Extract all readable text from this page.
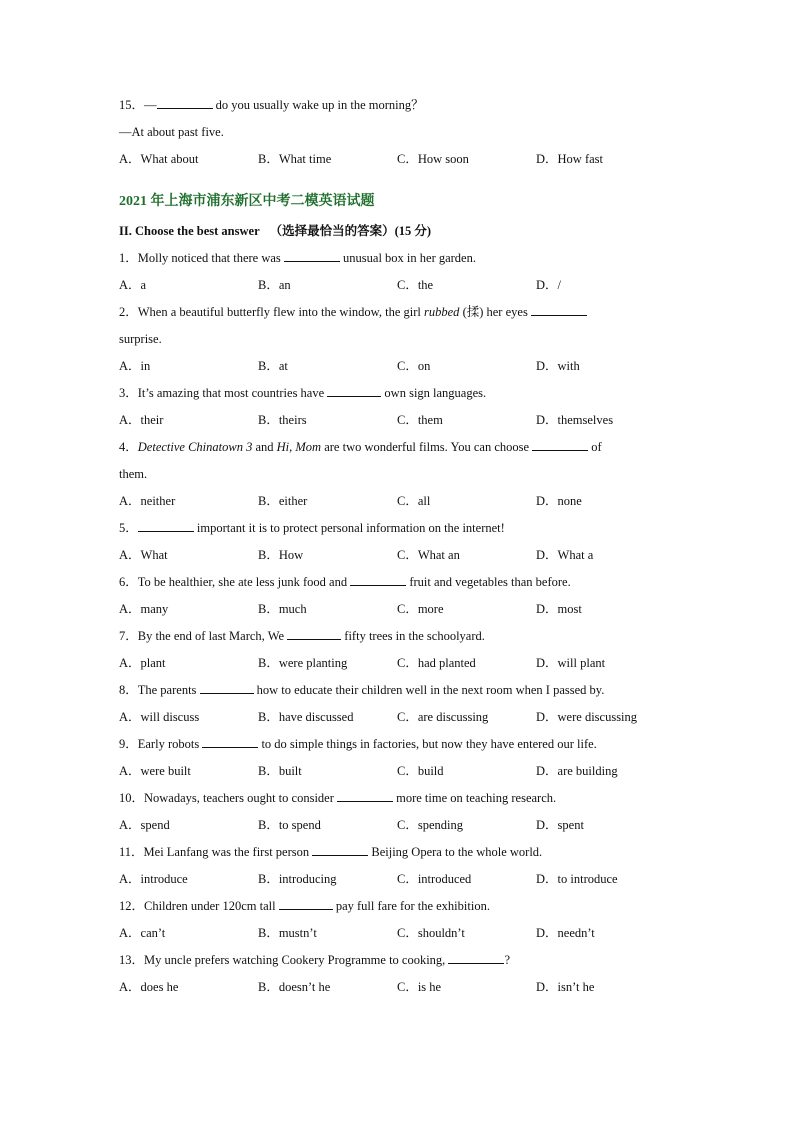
15．—	do you usually wake up in the morning？
—At about past five.
A．What about	B．What time	C．How soon	D．How fast
2021 年上海市浦东新区中考二模英语试题
II. Choose the best answer （选择最恰当的答案）(15 分)
1．Molly noticed that there was	unusual box in her garden.
A．a	B．an	C．the	D．/
2．When a beautiful butterfly flew into the window, the girl rubbed (揉) her eyes
surprise.
A．in	B．at	C．on	D．with
3．It’s amazing that most countries have	own sign languages.
A．their	B．theirs	C．them	D．themselves
4．Detective Chinatown 3 and Hi, Mom are two wonderful films. You can choose	of
them.
A．neither	B．either	C．all	D．none
5．	important it is to protect personal information on the internet!
A．What	B．How	C．What an	D．What a
6．To be healthier, she ate less junk food and	fruit and vegetables than before.
A．many	B．much	C．more	D．most
7．By the end of last March, We	fifty trees in the schoolyard.
A．plant	B．were planting	C．had planted	D．will plant
8．The parents	how to educate their children well in the next room when I passed by.
A．will discuss	B．have discussed	C．are discussing	D．were discussing
9．Early robots	to do simple things in factories, but now they have entered our life.
A．were built	B．built	C．build	D．are building
10．Nowadays, teachers ought to consider	more time on teaching research.
A．spend	B．to spend	C．spending	D．spent
11．Mei Lanfang was the first person	Beijing Opera to the whole world.
A．introduce	B．introducing	C．introduced	D．to introduce
12．Children under 120cm tall	pay full fare for the exhibition.
A．can’t	B．mustn’t	C．shouldn’t	D．needn’t
13．My uncle prefers watching Cookery Programme to cooking,	?
A．does he	B．doesn’t he	C．is he	D．isn’t he
